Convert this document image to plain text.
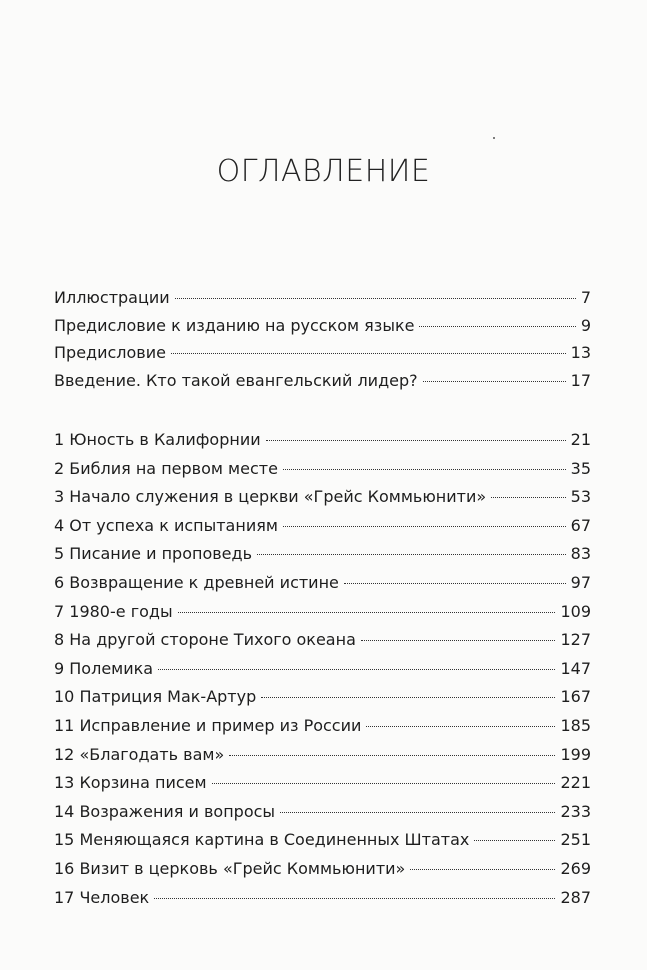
ОГЛАВЛЕНИЕ
Иллюстрации	7
Предисловие к изданию на русском языке	9
Предисловие	13
Введение. Кто такой евангельский лидер?	17
1 Юность в Калифорнии	21
2 Библия на первом месте	35
3 Начало служения в церкви «Грейс Коммьюнити»	53
4 От успеха к испытаниям	67
5 Писание и проповедь	83
6 Возвращение к древней истине	97
7 1980-е годы	109
8 На другой стороне Тихого океана	127
9 Полемика	147
10 Патриция Мак-Артур	167
11 Исправление и пример из России	185
12 «Благодать вам»	199
13 Корзина писем	221
14 Возражения и вопросы	233
15 Меняющаяся картина в Соединенных Штатах	251
16 Визит в церковь «Грейс Коммьюнити»	269
17 Человек	287
